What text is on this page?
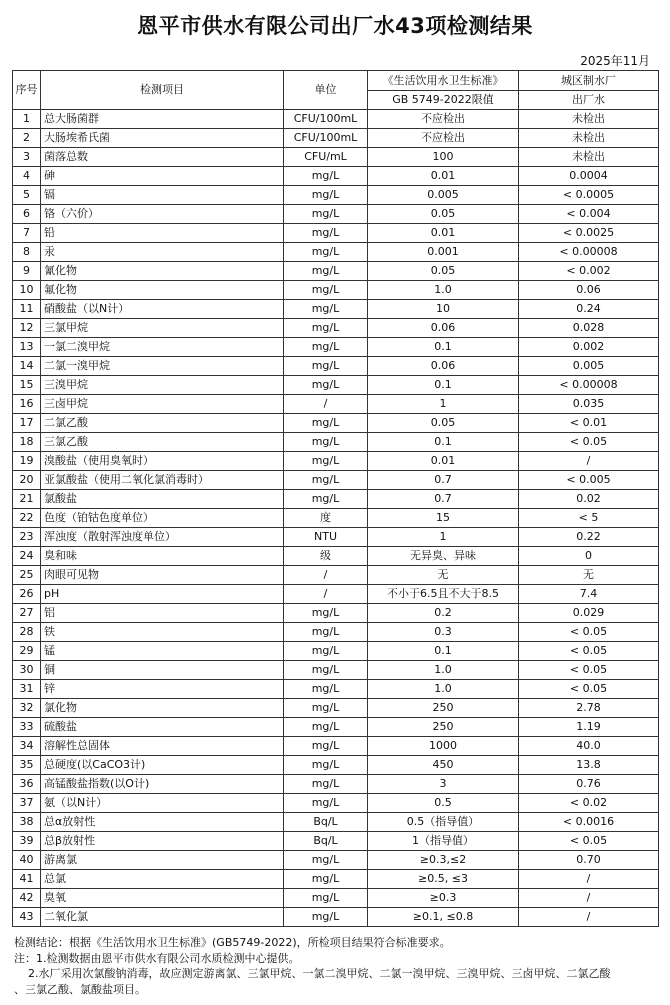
恩平市供水有限公司出厂水43项检测结果
2025年11月
序号	检测项目	单位	《生活饮用水卫生标准》	城区制水厂
			GB 5749-2022限值	出厂水
1	总大肠菌群	CFU/100mL	不应检出	未检出
2	大肠埃希氏菌	CFU/100mL	不应检出	未检出
3	菌落总数	CFU/mL	100	未检出
4	砷	mg/L	0.01	0.0004
5	镉	mg/L	0.005	< 0.0005
6	铬（六价）	mg/L	0.05	< 0.004
7	铅	mg/L	0.01	< 0.0025
8	汞	mg/L	0.001	< 0.00008
9	氰化物	mg/L	0.05	< 0.002
10	氟化物	mg/L	1.0	0.06
11	硝酸盐（以N计）	mg/L	10	0.24
12	三氯甲烷	mg/L	0.06	0.028
13	一氯二溴甲烷	mg/L	0.1	0.002
14	二氯一溴甲烷	mg/L	0.06	0.005
15	三溴甲烷	mg/L	0.1	< 0.00008
16	三卤甲烷	/	1	0.035
17	二氯乙酸	mg/L	0.05	< 0.01
18	三氯乙酸	mg/L	0.1	< 0.05
19	溴酸盐（使用臭氧时）	mg/L	0.01	/
20	亚氯酸盐（使用二氧化氯消毒时）	mg/L	0.7	< 0.005
21	氯酸盐	mg/L	0.7	0.02
22	色度（铂钴色度单位）	度	15	< 5
23	浑浊度（散射浑浊度单位）	NTU	1	0.22
24	臭和味	级	无异臭、异味	0
25	肉眼可见物	/	无	无
26	pH	/	不小于6.5且不大于8.5	7.4
27	铝	mg/L	0.2	0.029
28	铁	mg/L	0.3	< 0.05
29	锰	mg/L	0.1	< 0.05
30	铜	mg/L	1.0	< 0.05
31	锌	mg/L	1.0	< 0.05
32	氯化物	mg/L	250	2.78
33	硫酸盐	mg/L	250	1.19
34	溶解性总固体	mg/L	1000	40.0
35	总硬度(以CaCO3计)	mg/L	450	13.8
36	高锰酸盐指数(以O计)	mg/L	3	0.76
37	氨（以N计）	mg/L	0.5	< 0.02
38	总α放射性	Bq/L	0.5（指导值）	< 0.0016
39	总β放射性	Bq/L	1（指导值）	< 0.05
40	游离氯	mg/L	≥0.3,≤2	0.70
41	总氯	mg/L	≥0.5, ≤3	/
42	臭氧	mg/L	≥0.3	/
43	二氧化氯	mg/L	≥0.1, ≤0.8	/
检测结论：根据《生活饮用水卫生标准》(GB5749-2022)，所检项目结果符合标准要求。
注：1.检测数据由恩平市供水有限公司水质检测中心提供。
2.水厂采用次氯酸钠消毒，故应测定游离氯、三氯甲烷、一氯二溴甲烷、二氯一溴甲烷、三溴甲烷、三卤甲烷、二氯乙酸
、三氯乙酸、氯酸盐项目。
